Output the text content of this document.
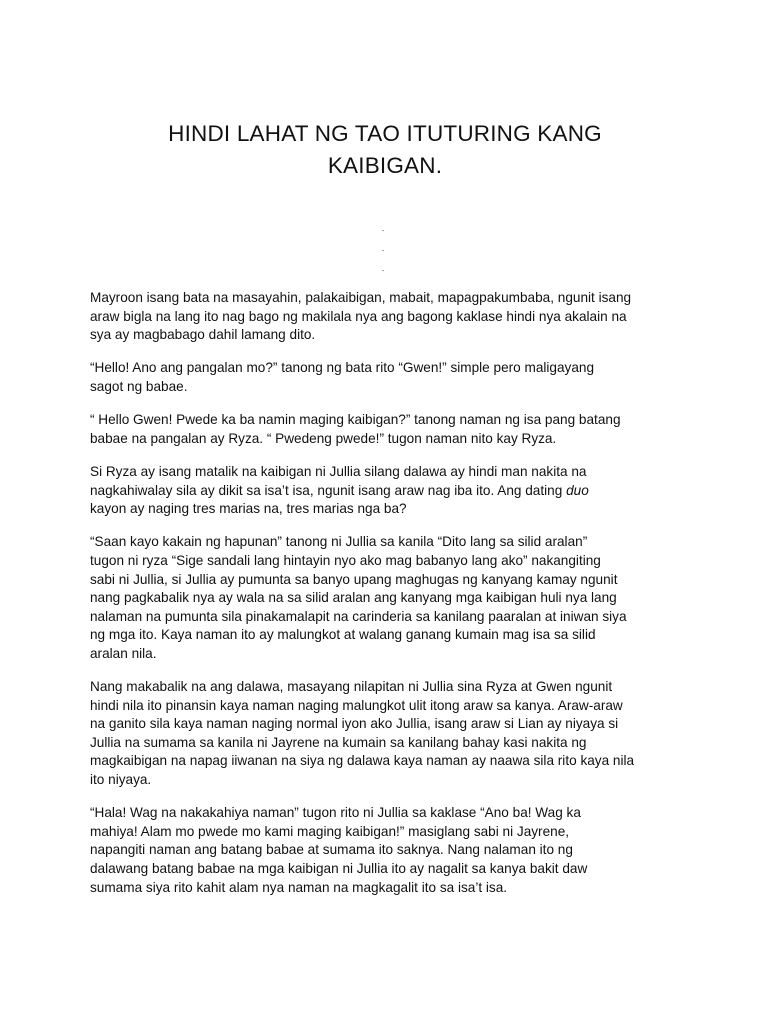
HINDI LAHAT NG TAO ITUTURING KANG
KAIBIGAN.
.
.
.

Mayroon isang bata na masayahin, palakaibigan, mabait, mapagpakumbaba, ngunit isang
araw bigla na lang ito nag bago ng makilala nya ang bagong kaklase hindi nya akalain na
sya ay magbabago dahil lamang dito.

“Hello! Ano ang pangalan mo?” tanong ng bata rito “Gwen!” simple pero maligayang
sagot ng babae.

“ Hello Gwen! Pwede ka ba namin maging kaibigan?” tanong naman ng isa pang batang
babae na pangalan ay Ryza. “ Pwedeng pwede!” tugon naman nito kay Ryza.

Si Ryza ay isang matalik na kaibigan ni Jullia silang dalawa ay hindi man nakita na
nagkahiwalay sila ay dikit sa isa’t isa, ngunit isang araw nag iba ito. Ang dating duo
kayon ay naging tres marias na, tres marias nga ba?

“Saan kayo kakain ng hapunan” tanong ni Jullia sa kanila “Dito lang sa silid aralan”
tugon ni ryza “Sige sandali lang hintayin nyo ako mag babanyo lang ako” nakangiting
sabi ni Jullia, si Jullia ay pumunta sa banyo upang maghugas ng kanyang kamay ngunit
nang pagkabalik nya ay wala na sa silid aralan ang kanyang mga kaibigan huli nya lang
nalaman na pumunta sila pinakamalapit na carinderia sa kanilang paaralan at iniwan siya
ng mga ito. Kaya naman ito ay malungkot at walang ganang kumain mag isa sa silid
aralan nila.

Nang makabalik na ang dalawa, masayang nilapitan ni Jullia sina Ryza at Gwen ngunit
hindi nila ito pinansin kaya naman naging malungkot ulit itong araw sa kanya. Araw-araw
na ganito sila kaya naman naging normal iyon ako Jullia, isang araw si Lian ay niyaya si
Jullia na sumama sa kanila ni Jayrene na kumain sa kanilang bahay kasi nakita ng
magkaibigan na napag iiwanan na siya ng dalawa kaya naman ay naawa sila rito kaya nila
ito niyaya.

“Hala! Wag na nakakahiya naman” tugon rito ni Jullia sa kaklase “Ano ba! Wag ka
mahiya! Alam mo pwede mo kami maging kaibigan!” masiglang sabi ni Jayrene,
napangiti naman ang batang babae at sumama ito saknya. Nang nalaman ito ng
dalawang batang babae na mga kaibigan ni Jullia ito ay nagalit sa kanya bakit daw
sumama siya rito kahit alam nya naman na magkagalit ito sa isa’t isa.
